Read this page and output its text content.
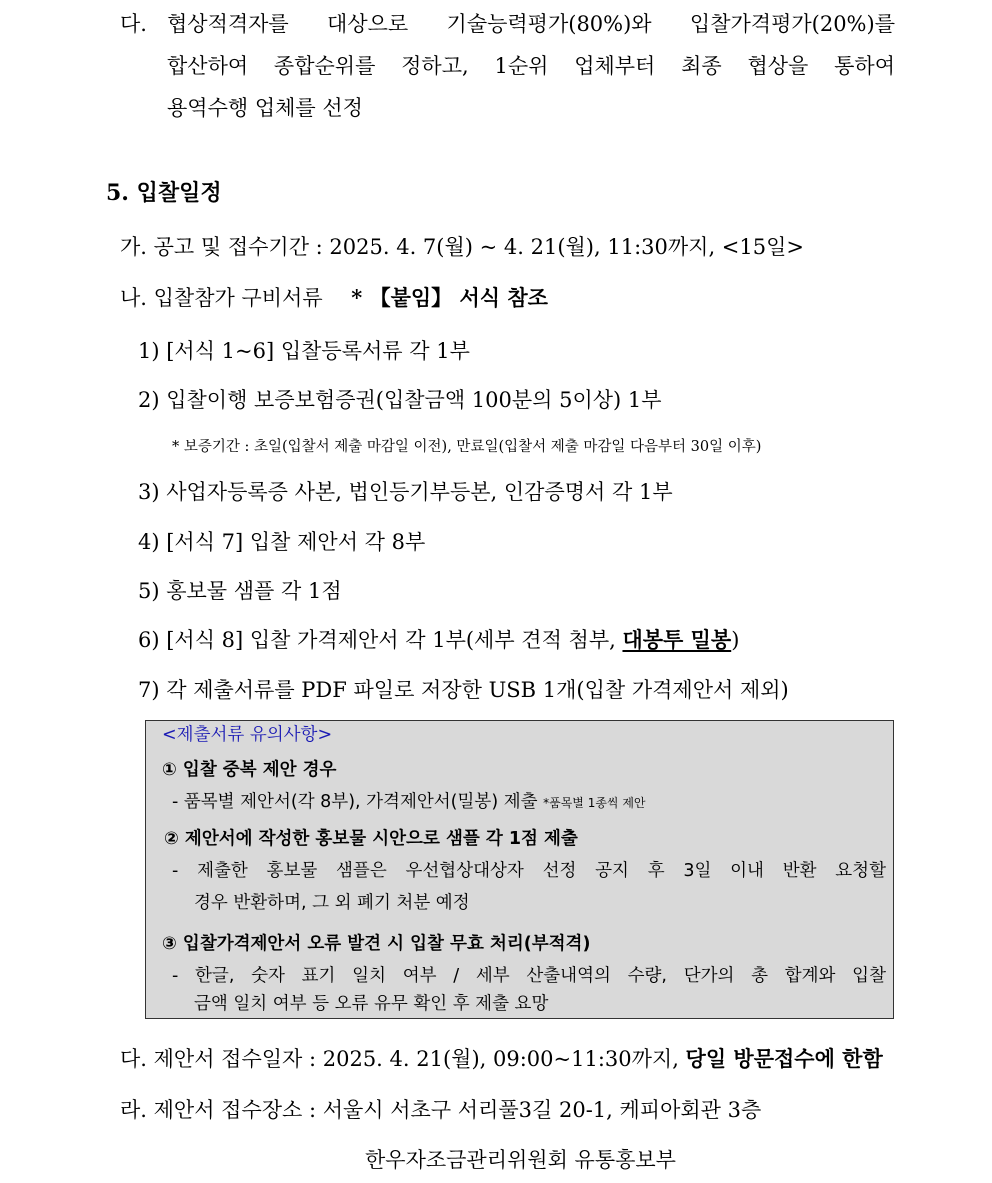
다. 협상적격자를 대상으로 기술능력평가(80%)와 입찰가격평가(20%)를
합산하여 종합순위를 정하고, 1순위 업체부터 최종 협상을 통하여
용역수행 업체를 선정
5. 입찰일정
가. 공고 및 접수기간 : 2025. 4. 7(월) ~ 4. 21(월), 11:30까지, <15일>
나. 입찰참가 구비서류 * 【붙임】 서식 참조
1) [서식 1~6] 입찰등록서류 각 1부
2) 입찰이행 보증보험증권(입찰금액 100분의 5이상) 1부
* 보증기간 : 초일(입찰서 제출 마감일 이전), 만료일(입찰서 제출 마감일 다음부터 30일 이후)
3) 사업자등록증 사본, 법인등기부등본, 인감증명서 각 1부
4) [서식 7] 입찰 제안서 각 8부
5) 홍보물 샘플 각 1점
6) [서식 8] 입찰 가격제안서 각 1부(세부 견적 첨부, 대봉투 밀봉)
7) 각 제출서류를 PDF 파일로 저장한 USB 1개(입찰 가격제안서 제외)
<제출서류 유의사항>
① 입찰 중복 제안 경우
- 품목별 제안서(각 8부), 가격제안서(밀봉) 제출 *품목별 1종씩 제안
② 제안서에 작성한 홍보물 시안으로 샘플 각 1점 제출
- 제출한 홍보물 샘플은 우선협상대상자 선정 공지 후 3일 이내 반환 요청할
경우 반환하며, 그 외 폐기 처분 예정
③ 입찰가격제안서 오류 발견 시 입찰 무효 처리(부적격)
- 한글, 숫자 표기 일치 여부 / 세부 산출내역의 수량, 단가의 총 합계와 입찰
금액 일치 여부 등 오류 유무 확인 후 제출 요망
다. 제안서 접수일자 : 2025. 4. 21(월), 09:00~11:30까지, 당일 방문접수에 한함
라. 제안서 접수장소 : 서울시 서초구 서리풀3길 20-1, 케피아회관 3층
한우자조금관리위원회 유통홍보부
